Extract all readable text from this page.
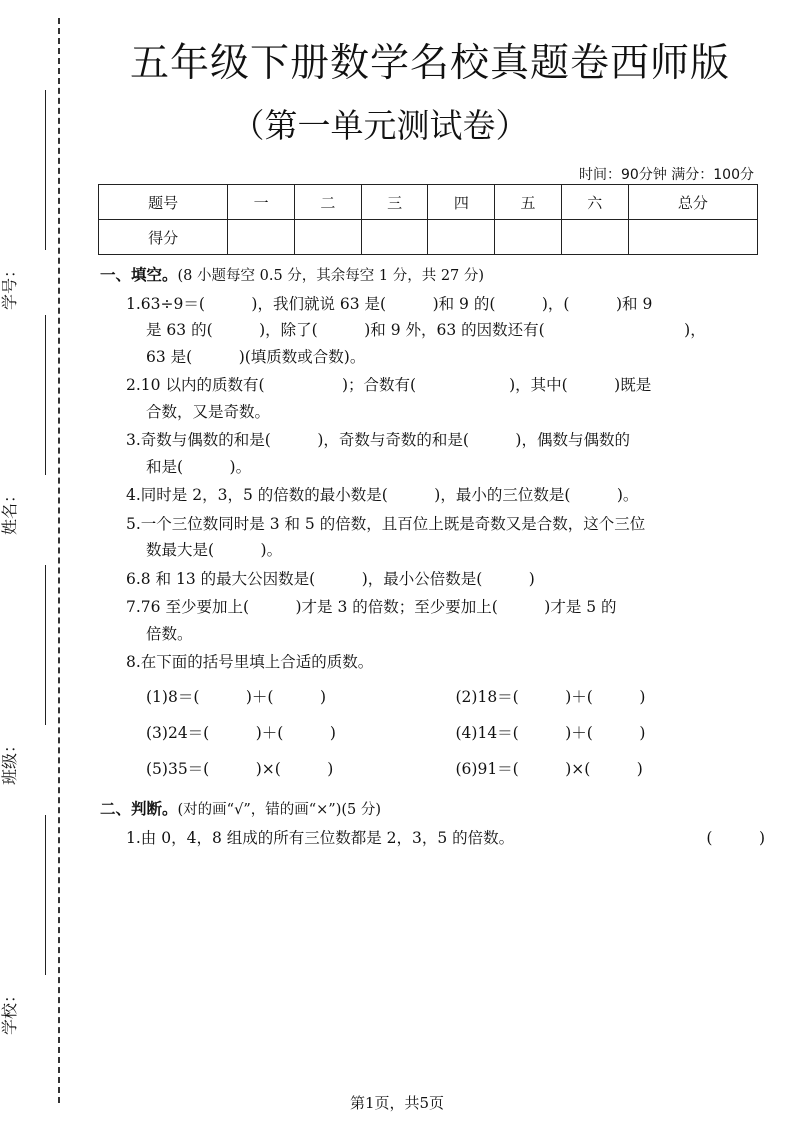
学号：
姓名：
班级：
学校：
五年级下册数学名校真题卷西师版
（第一单元测试卷）
时间：90分钟 满分：100分
题号	一	二	三	四	五	六	总分
得分							
一、填空。(8 小题每空 0.5 分，其余每空 1 分，共 27 分)

1.63÷9＝(　　　)，我们就说 63 是(　　　)和 9 的(　　　)，(　　　)和 9

是 63 的(　　　)，除了(　　　)和 9 外，63 的因数还有(　　　　　　　　　)，

63 是(　　　)(填质数或合数)。

2.10 以内的质数有(　　　　　)；合数有(　　　　　　)，其中(　　　)既是

合数，又是奇数。

3.奇数与偶数的和是(　　　)，奇数与奇数的和是(　　　)，偶数与偶数的

和是(　　　)。

4.同时是 2，3，5 的倍数的最小数是(　　　)，最小的三位数是(　　　)。

5.一个三位数同时是 3 和 5 的倍数，且百位上既是奇数又是合数，这个三位

数最大是(　　　)。

6.8 和 13 的最大公因数是(　　　)，最小公倍数是(　　　)

7.76 至少要加上(　　　)才是 3 的倍数；至少要加上(　　　)才是 5 的

倍数。

8.在下面的括号里填上合适的质数。

(1)8＝(　　　)＋(　　　)	(2)18＝(　　　)＋(　　　)
(3)24＝(　　　)＋(　　　)	(4)14＝(　　　)＋(　　　)
(5)35＝(　　　)×(　　　)	(6)91＝(　　　)×(　　　)
二、判断。(对的画“√”，错的画“×”)(5 分)
1.由 0，4，8 组成的所有三位数都是 2，3，5 的倍数。	(　　　)
第1页，共5页
